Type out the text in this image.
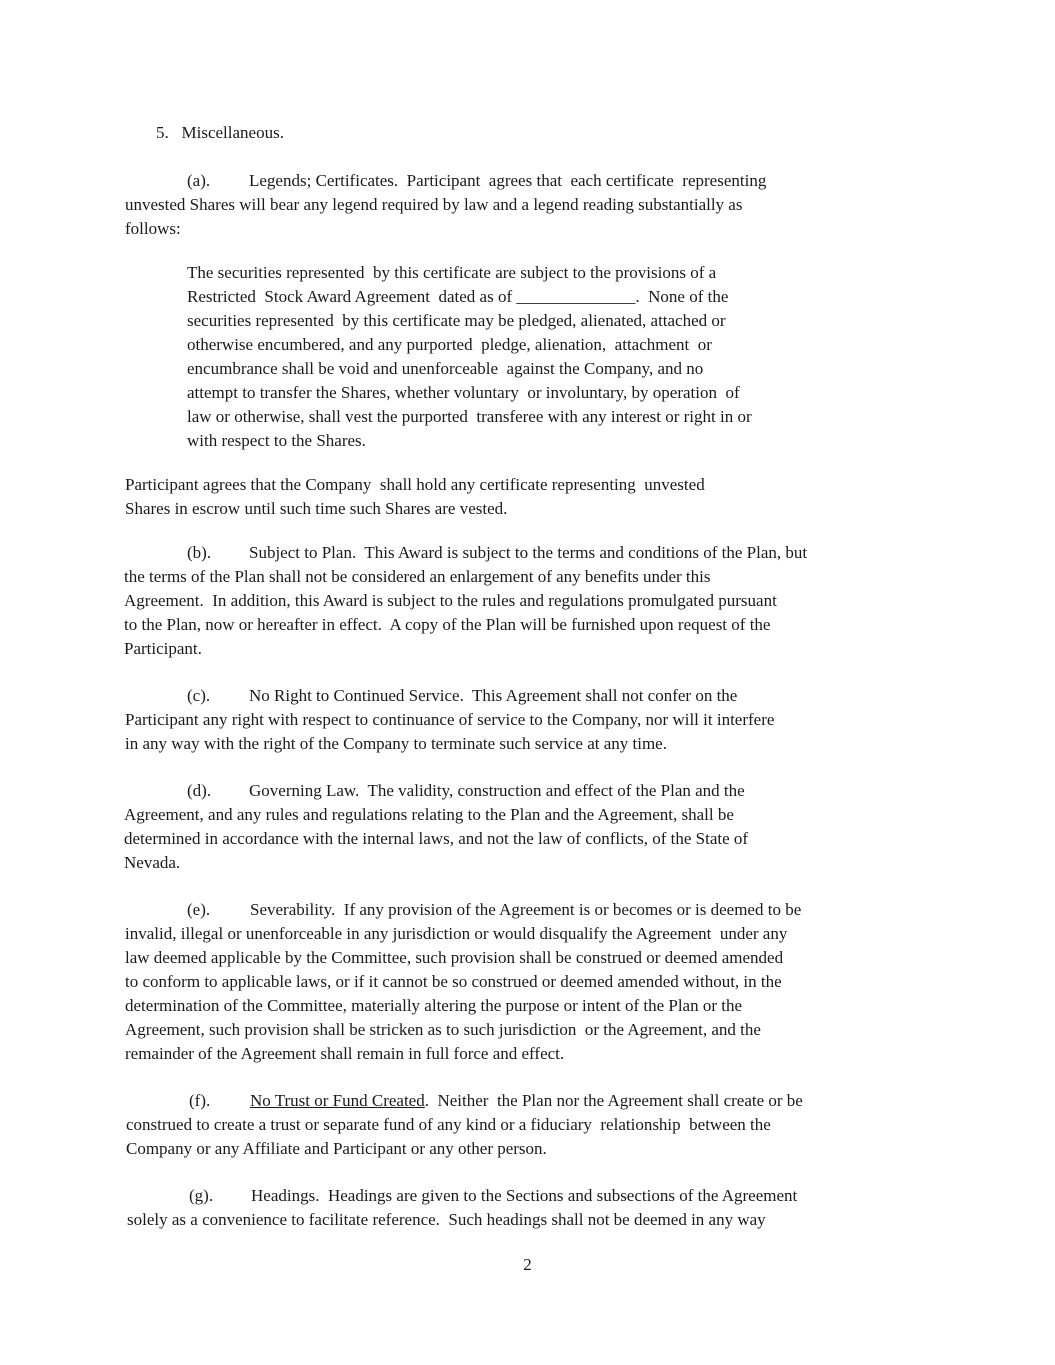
5.   Miscellaneous.
(a). Legends; Certificates.  Participant  agrees that  each certificate  representing
unvested Shares will bear any legend required by law and a legend reading substantially as
follows:
The securities represented  by this certificate are subject to the provisions of a
Restricted  Stock Award Agreement  dated as of ______________.  None of the
securities represented  by this certificate may be pledged, alienated, attached or
otherwise encumbered, and any purported  pledge, alienation,  attachment  or
encumbrance shall be void and unenforceable  against the Company, and no
attempt to transfer the Shares, whether voluntary  or involuntary, by operation  of
law or otherwise, shall vest the purported  transferee with any interest or right in or
with respect to the Shares.
Participant agrees that the Company  shall hold any certificate representing  unvested
Shares in escrow until such time such Shares are vested.
(b). Subject to Plan.  This Award is subject to the terms and conditions of the Plan, but
the terms of the Plan shall not be considered an enlargement of any benefits under this
Agreement.  In addition, this Award is subject to the rules and regulations promulgated pursuant
to the Plan, now or hereafter in effect.  A copy of the Plan will be furnished upon request of the
Participant.
(c). No Right to Continued Service.  This Agreement shall not confer on the
Participant any right with respect to continuance of service to the Company, nor will it interfere
in any way with the right of the Company to terminate such service at any time.
(d). Governing Law.  The validity, construction and effect of the Plan and the
Agreement, and any rules and regulations relating to the Plan and the Agreement, shall be
determined in accordance with the internal laws, and not the law of conflicts, of the State of
Nevada.
(e). Severability.  If any provision of the Agreement is or becomes or is deemed to be
invalid, illegal or unenforceable in any jurisdiction or would disqualify the Agreement  under any
law deemed applicable by the Committee, such provision shall be construed or deemed amended
to conform to applicable laws, or if it cannot be so construed or deemed amended without, in the
determination of the Committee, materially altering the purpose or intent of the Plan or the
Agreement, such provision shall be stricken as to such jurisdiction  or the Agreement, and the
remainder of the Agreement shall remain in full force and effect.
(f). No Trust or Fund Created.  Neither  the Plan nor the Agreement shall create or be
construed to create a trust or separate fund of any kind or a fiduciary  relationship  between the
Company or any Affiliate and Participant or any other person.
(g). Headings.  Headings are given to the Sections and subsections of the Agreement
solely as a convenience to facilitate reference.  Such headings shall not be deemed in any way
2
